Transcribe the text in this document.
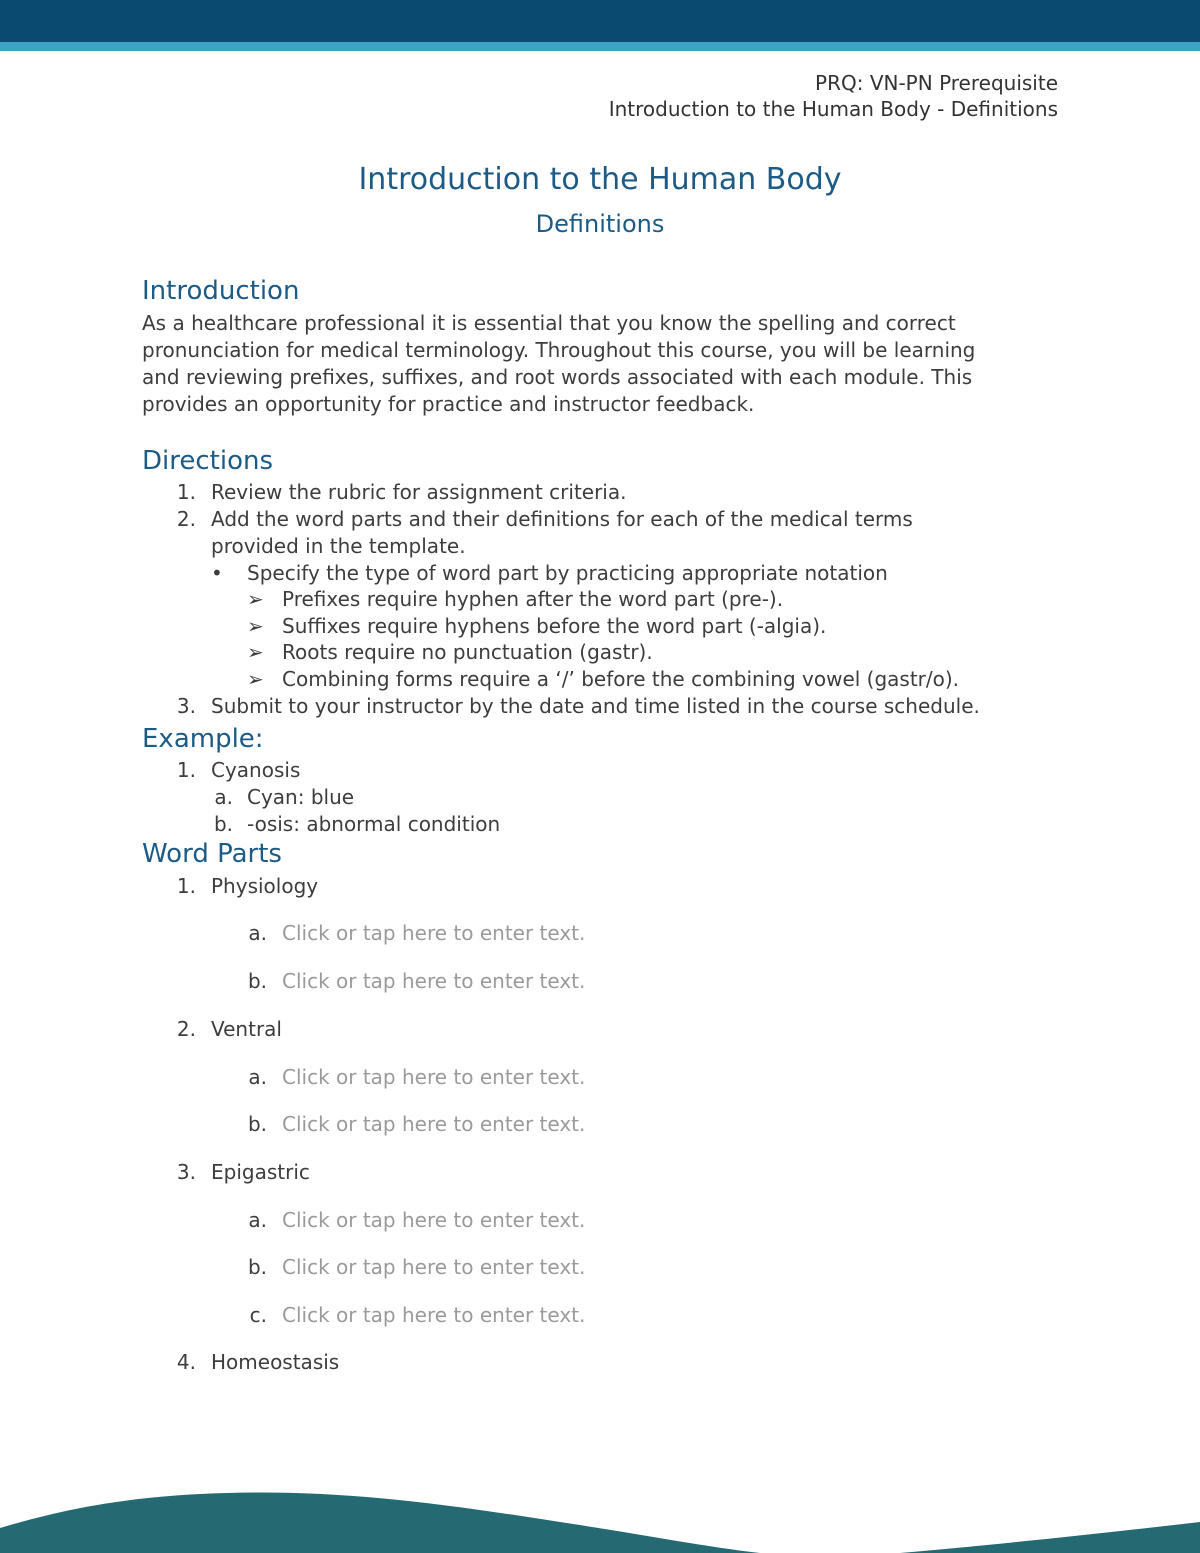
PRQ: VN-PN Prerequisite
Introduction to the Human Body - Definitions
Introduction to the Human Body
Definitions
Introduction
As a healthcare professional it is essential that you know the spelling and correct
pronunciation for medical terminology. Throughout this course, you will be learning
and reviewing prefixes, suffixes, and root words associated with each module. This
provides an opportunity for practice and instructor feedback.
Directions
1. Review the rubric for assignment criteria.
2. Add the word parts and their definitions for each of the medical terms
provided in the template.
• Specify the type of word part by practicing appropriate notation
➢ Prefixes require hyphen after the word part (pre-).
➢ Suffixes require hyphens before the word part (-algia).
➢ Roots require no punctuation (gastr).
➢ Combining forms require a ‘/’ before the combining vowel (gastr/o).
3. Submit to your instructor by the date and time listed in the course schedule.
Example:
1. Cyanosis
a. Cyan: blue
b. -osis: abnormal condition
Word Parts
1. Physiology
a. Click or tap here to enter text.
b. Click or tap here to enter text.
2. Ventral
a. Click or tap here to enter text.
b. Click or tap here to enter text.
3. Epigastric
a. Click or tap here to enter text.
b. Click or tap here to enter text.
c. Click or tap here to enter text.
4. Homeostasis
